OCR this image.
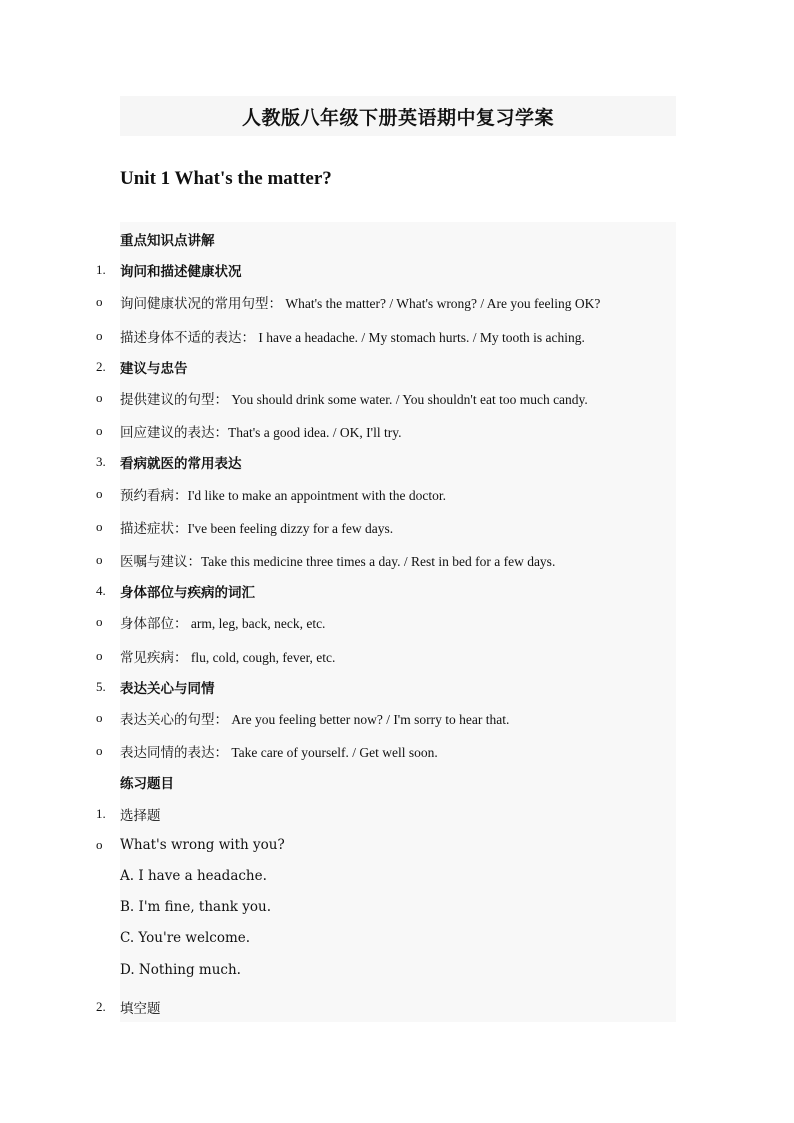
人教版八年级下册英语期中复习学案
Unit 1 What's the matter?
重点知识点讲解
1. 询问和描述健康状况
o 询问健康状况的常用句型： What's the matter? / What's wrong? / Are you feeling OK?
o 描述身体不适的表达： I have a headache. / My stomach hurts. / My tooth is aching.
2. 建议与忠告
o 提供建议的句型： You should drink some water. / You shouldn't eat too much candy.
o 回应建议的表达：That's a good idea. / OK, I'll try.
3. 看病就医的常用表达
o 预约看病：I'd like to make an appointment with the doctor.
o 描述症状：I've been feeling dizzy for a few days.
o 医嘱与建议：Take this medicine three times a day. / Rest in bed for a few days.
4. 身体部位与疾病的词汇
o 身体部位： arm, leg, back, neck, etc.
o 常见疾病： flu, cold, cough, fever, etc.
5. 表达关心与同情
o 表达关心的句型： Are you feeling better now? / I'm sorry to hear that.
o 表达同情的表达： Take care of yourself. / Get well soon.
练习题目
1. 选择题
o What's wrong with you?
A. I have a headache.
B. I'm fine, thank you.
C. You're welcome.
D. Nothing much.
2. 填空题
